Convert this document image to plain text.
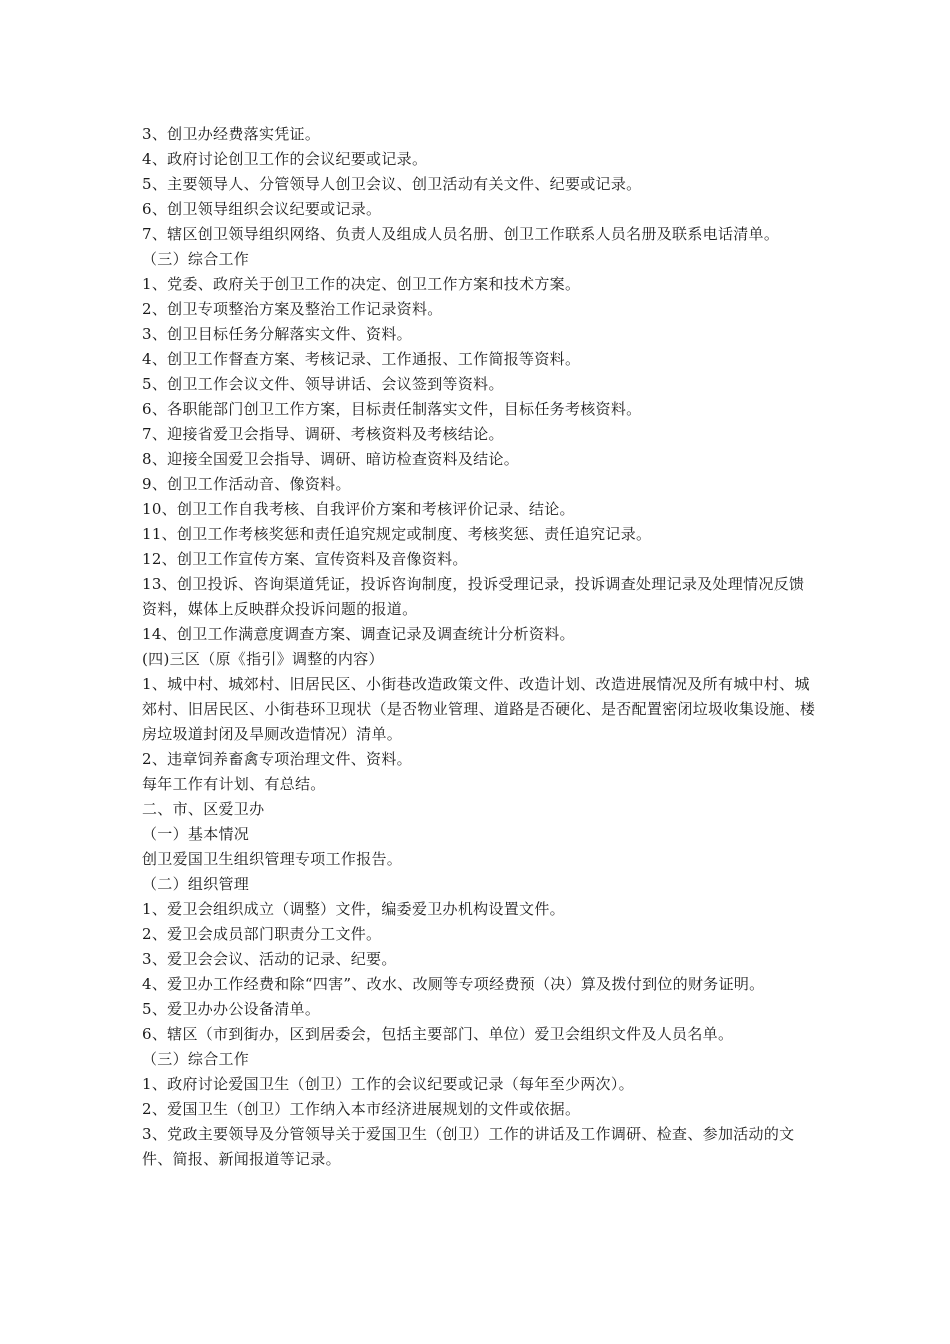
3、创卫办经费落实凭证。

4、政府讨论创卫工作的会议纪要或记录。

5、主要领导人、分管领导人创卫会议、创卫活动有关文件、纪要或记录。

6、创卫领导组织会议纪要或记录。

7、辖区创卫领导组织网络、负责人及组成人员名册、创卫工作联系人员名册及联系电话清单。

（三）综合工作

1、党委、政府关于创卫工作的决定、创卫工作方案和技术方案。

2、创卫专项整治方案及整治工作记录资料。

3、创卫目标任务分解落实文件、资料。

4、创卫工作督查方案、考核记录、工作通报、工作简报等资料。

5、创卫工作会议文件、领导讲话、会议签到等资料。

6、各职能部门创卫工作方案，目标责任制落实文件，目标任务考核资料。

7、迎接省爱卫会指导、调研、考核资料及考核结论。

8、迎接全国爱卫会指导、调研、暗访检查资料及结论。

9、创卫工作活动音、像资料。

10、创卫工作自我考核、自我评价方案和考核评价记录、结论。

11、创卫工作考核奖惩和责任追究规定或制度、考核奖惩、责任追究记录。

12、创卫工作宣传方案、宣传资料及音像资料。

13、创卫投诉、咨询渠道凭证，投诉咨询制度，投诉受理记录，投诉调查处理记录及处理情况反馈资料，媒体上反映群众投诉问题的报道。

14、创卫工作满意度调查方案、调查记录及调查统计分析资料。

(四)三区（原《指引》调整的内容）

1、城中村、城郊村、旧居民区、小街巷改造政策文件、改造计划、改造进展情况及所有城中村、城郊村、旧居民区、小街巷环卫现状（是否物业管理、道路是否硬化、是否配置密闭垃圾收集设施、楼房垃圾道封闭及旱厕改造情况）清单。

2、违章饲养畜禽专项治理文件、资料。

每年工作有计划、有总结。

二、市、区爱卫办

（一）基本情况

创卫爱国卫生组织管理专项工作报告。

（二）组织管理

1、爱卫会组织成立（调整）文件，编委爱卫办机构设置文件。

2、爱卫会成员部门职责分工文件。

3、爱卫会会议、活动的记录、纪要。

4、爱卫办工作经费和除“四害”、改水、改厕等专项经费预（决）算及拨付到位的财务证明。

5、爱卫办办公设备清单。

6、辖区（市到街办，区到居委会，包括主要部门、单位）爱卫会组织文件及人员名单。

（三）综合工作

1、政府讨论爱国卫生（创卫）工作的会议纪要或记录（每年至少两次）。

2、爱国卫生（创卫）工作纳入本市经济进展规划的文件或依据。

3、党政主要领导及分管领导关于爱国卫生（创卫）工作的讲话及工作调研、检查、参加活动的文件、简报、新闻报道等记录。
